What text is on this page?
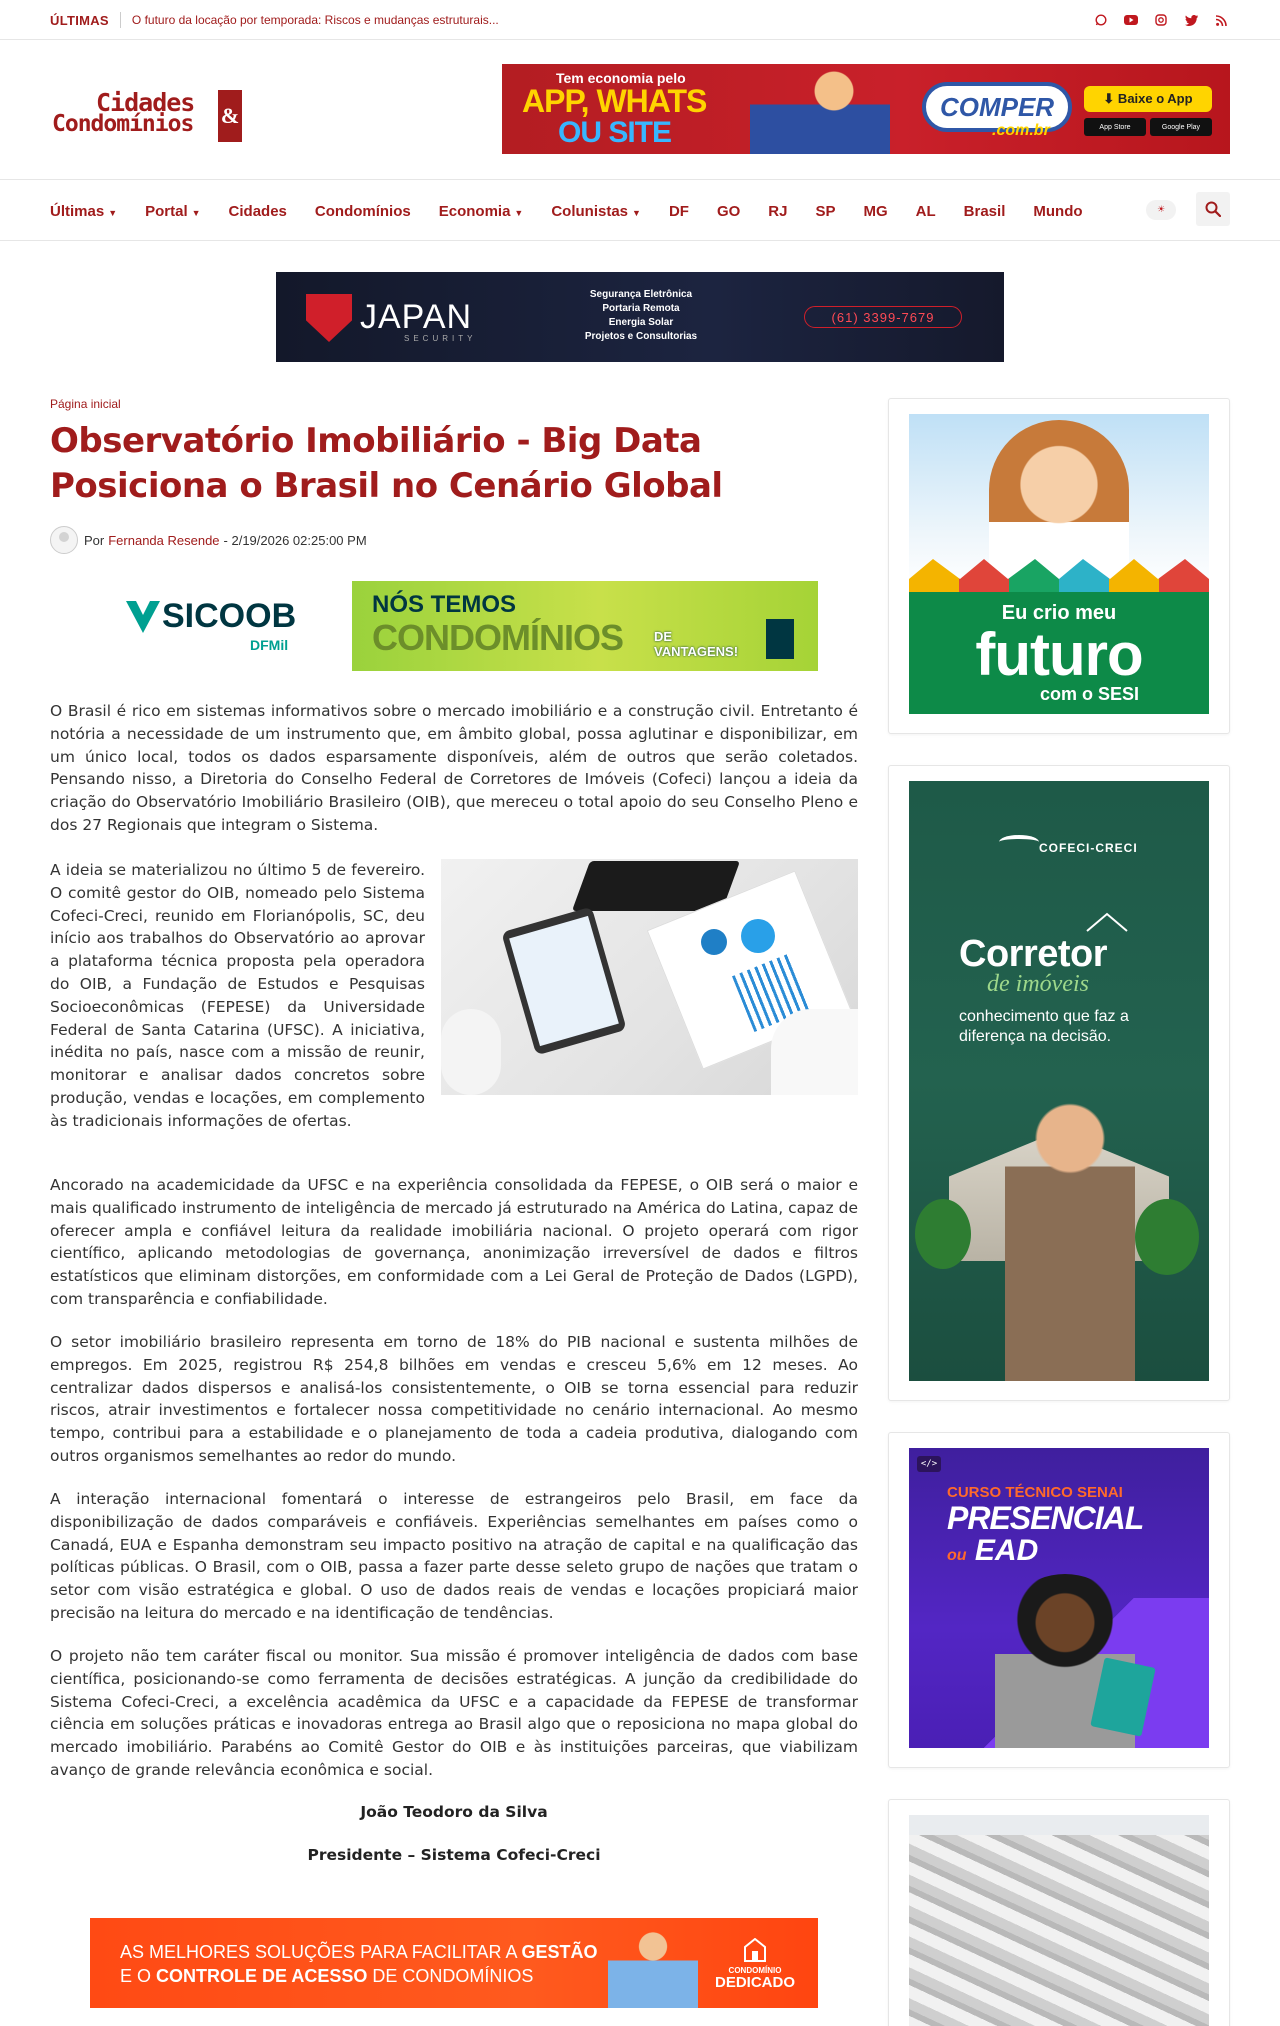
ÚLTIMAS O futuro da locação por temporada: Riscos e mudanças estruturais...
Cidades
Condomínios &
Tem economia pelo
APP, WHATS
OU SITE
COMPER
.com.br
⬇ Baixe o App
App Store	Google Play
Últimas ▼ Portal ▼ Cidades Condomínios Economia ▼ Colunistas ▼ DF GO RJ SP MG AL Brasil Mundo	☀
JAPAN
SECURITY
Segurança Eletrônica
Portaria Remota
Energia Solar
Projetos e Consultorias
(61) 3399-7679
Página inicial
Observatório Imobiliário - Big Data Posiciona o Brasil no Cenário Global
Por Fernanda Resende - 2/19/2026 02:25:00 PM
SICOOB
DFMil
NÓS TEMOS
CONDOMÍNIOS DE
VANTAGENS!

O Brasil é rico em sistemas informativos sobre o mercado imobiliário e a construção civil. Entretanto é notória a necessidade de um instrumento que, em âmbito global, possa aglutinar e disponibilizar, em um único local, todos os dados esparsamente disponíveis, além de outros que serão coletados. Pensando nisso, a Diretoria do Conselho Federal de Corretores de Imóveis (Cofeci) lançou a ideia da criação do Observatório Imobiliário Brasileiro (OIB), que mereceu o total apoio do seu Conselho Pleno e dos 27 Regionais que integram o Sistema.

A ideia se materializou no último 5 de fevereiro. O comitê gestor do OIB, nomeado pelo Sistema Cofeci-Creci, reunido em Florianópolis, SC, deu início aos trabalhos do Observatório ao aprovar a plataforma técnica proposta pela operadora do OIB, a Fundação de Estudos e Pesquisas Socioeconômicas (FEPESE) da Universidade Federal de Santa Catarina (UFSC). A iniciativa, inédita no país, nasce com a missão de reunir, monitorar e analisar dados concretos sobre produção, vendas e locações, em complemento às tradicionais informações de ofertas.

Ancorado na academicidade da UFSC e na experiência consolidada da FEPESE, o OIB será o maior e mais qualificado instrumento de inteligência de mercado já estruturado na América do Latina, capaz de oferecer ampla e confiável leitura da realidade imobiliária nacional. O projeto operará com rigor científico, aplicando metodologias de governança, anonimização irreversível de dados e filtros estatísticos que eliminam distorções, em conformidade com a Lei Geral de Proteção de Dados (LGPD), com transparência e confiabilidade.

O setor imobiliário brasileiro representa em torno de 18% do PIB nacional e sustenta milhões de empregos. Em 2025, registrou R$ 254,8 bilhões em vendas e cresceu 5,6% em 12 meses. Ao centralizar dados dispersos e analisá-los consistentemente, o OIB se torna essencial para reduzir riscos, atrair investimentos e fortalecer nossa competitividade no cenário internacional. Ao mesmo tempo, contribui para a estabilidade e o planejamento de toda a cadeia produtiva, dialogando com outros organismos semelhantes ao redor do mundo.

A interação internacional fomentará o interesse de estrangeiros pelo Brasil, em face da disponibilização de dados comparáveis e confiáveis. Experiências semelhantes em países como o Canadá, EUA e Espanha demonstram seu impacto positivo na atração de capital e na qualificação das políticas públicas. O Brasil, com o OIB, passa a fazer parte desse seleto grupo de nações que tratam o setor com visão estratégica e global. O uso de dados reais de vendas e locações propiciará maior precisão na leitura do mercado e na identificação de tendências.

O projeto não tem caráter fiscal ou monitor. Sua missão é promover inteligência de dados com base científica, posicionando-se como ferramenta de decisões estratégicas. A junção da credibilidade do Sistema Cofeci-Creci, a excelência acadêmica da UFSC e a capacidade da FEPESE de transformar ciência em soluções práticas e inovadoras entrega ao Brasil algo que o reposiciona no mapa global do mercado imobiliário. Parabéns ao Comitê Gestor do OIB e às instituições parceiras, que viabilizam avanço de grande relevância econômica e social.

João Teodoro da Silva

Presidente – Sistema Cofeci-Creci

AS MELHORES SOLUÇÕES PARA FACILITAR A GESTÃO
E O CONTROLE DE ACESSO DE CONDOMÍNIOS	CONDOMÍNIO
DEDICADO
Eu crio meu
futuro
com o SESI
COFECI-CRECI
Corretor
de imóveis
conhecimento que faz a diferença na decisão.
</>
CURSO TÉCNICO SENAI
PRESENCIAL
ou EAD
